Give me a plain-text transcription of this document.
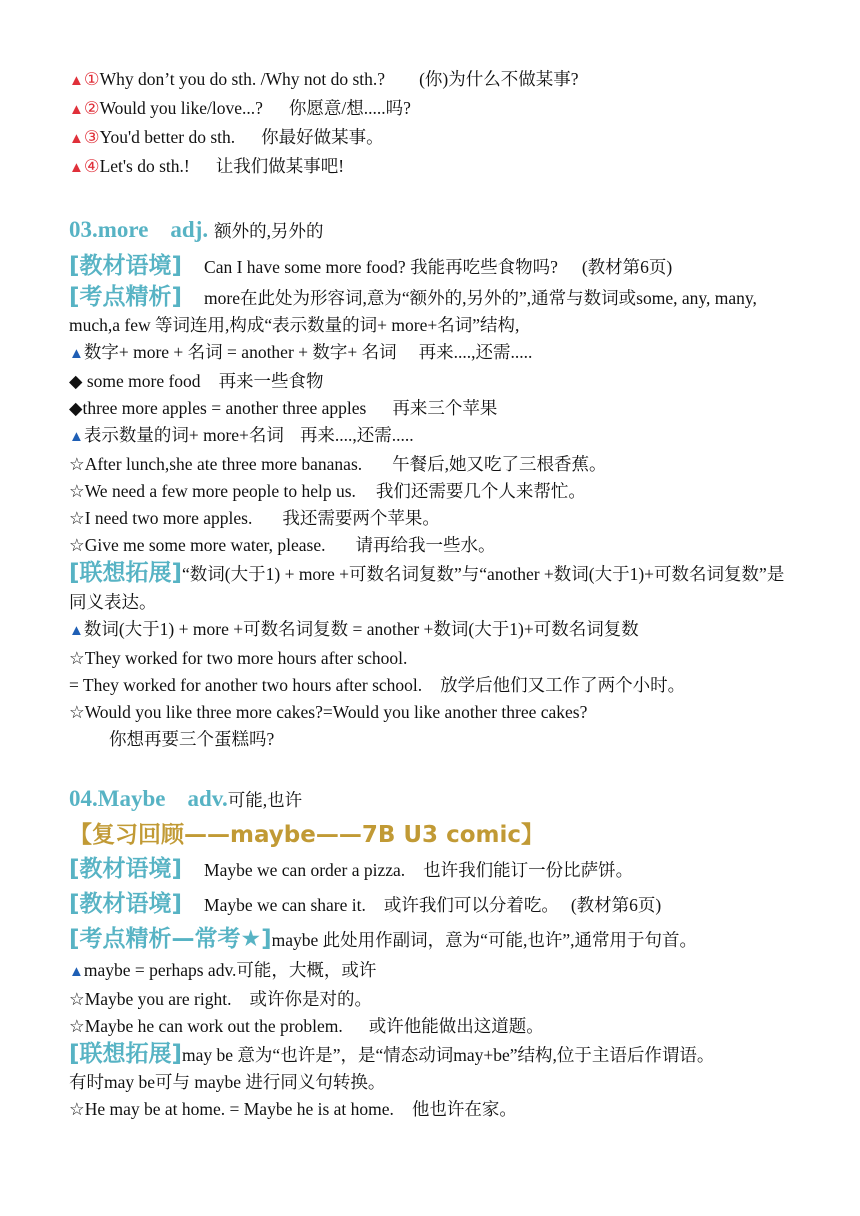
▲①Why don’t you do sth. /Why not do sth.? (你)为什么不做某事?
▲②Would you like/love...? 你愿意/想.....吗?
▲③You'd better do sth. 你最好做某事。
▲④Let's do sth.! 让我们做某事吧!
03.more adj. 额外的,另外的
[教材语境] Can I have some more food? 我能再吃些食物吗? (教材第6页)
[考点精析] more在此处为形容词,意为“额外的,另外的”,通常与数词或some, any, many, much,a few 等词连用,构成“表示数量的词+ more+名词”结构,
▲数字+ more + 名词 = another + 数字+ 名词 再来....,还需.....
◆ some more food 再来一些食物
◆three more apples = another three apples 再来三个苹果
▲表示数量的词+ more+名词 再来....,还需.....
☆After lunch,she ate three more bananas. 午餐后,她又吃了三根香蕉。
☆We need a few more people to help us. 我们还需要几个人来帮忙。
☆I need two more apples. 我还需要两个苹果。
☆Give me some more water, please. 请再给我一些水。
[联想拓展]“数词(大于1) + more +可数名词复数”与“another +数词(大于1)+可数名词复数”是同义表达。
▲数词(大于1) + more +可数名词复数 = another +数词(大于1)+可数名词复数
☆They worked for two more hours after school.
= They worked for another two hours after school. 放学后他们又工作了两个小时。
☆Would you like three more cakes?=Would you like another three cakes?
你想再要三个蛋糕吗?
04.Maybe adv.可能,也许
【复习回顾——maybe——7B U3 comic】
[教材语境] Maybe we can order a pizza. 也许我们能订一份比萨饼。
[教材语境] Maybe we can share it. 或许我们可以分着吃。 (教材第6页)
[考点精析—常考★]maybe 此处用作副词，意为“可能,也许”,通常用于句首。
▲maybe = perhaps adv.可能，大概，或许
☆Maybe you are right. 或许你是对的。
☆Maybe he can work out the problem. 或许他能做出这道题。
[联想拓展]may be 意为“也许是”，是“情态动词may+be”结构,位于主语后作谓语。
有时may be可与 maybe 进行同义句转换。
☆He may be at home. = Maybe he is at home. 他也许在家。
